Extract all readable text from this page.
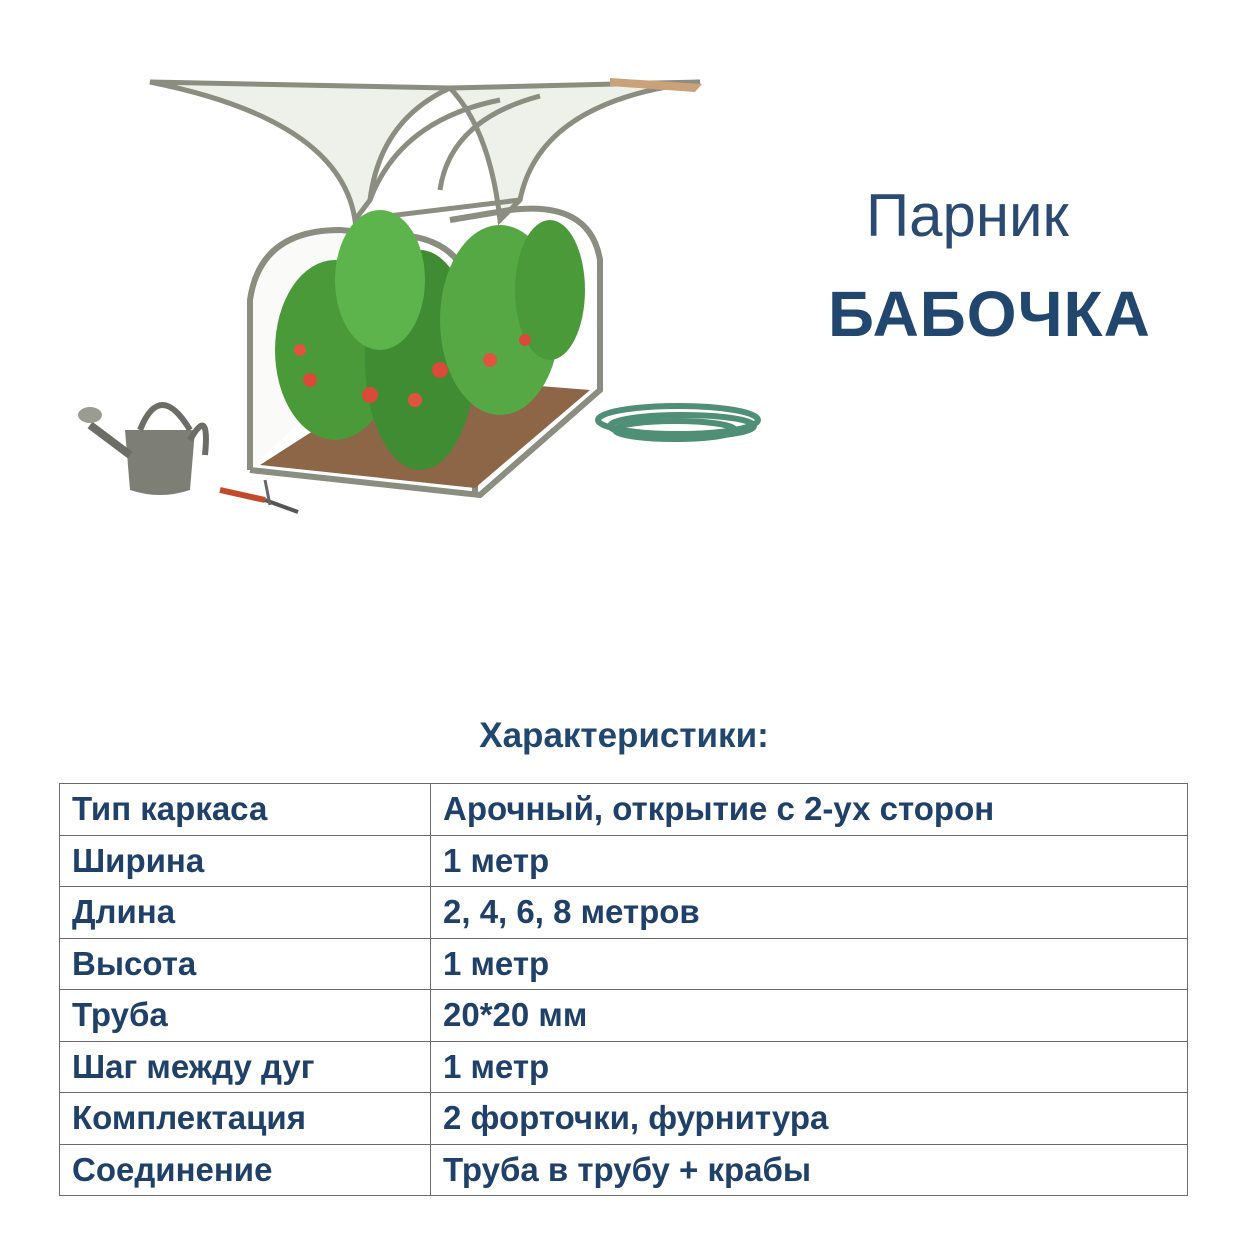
Парник
БАБОЧКА
Характеристики:
Тип каркаса	Арочный, открытие с 2-ух сторон
Ширина	1 метр
Длина	2, 4, 6, 8 метров
Высота	1 метр
Труба	20*20 мм
Шаг между дуг	1 метр
Комплектация	2 форточки, фурнитура
Соединение	Труба в трубу + крабы
